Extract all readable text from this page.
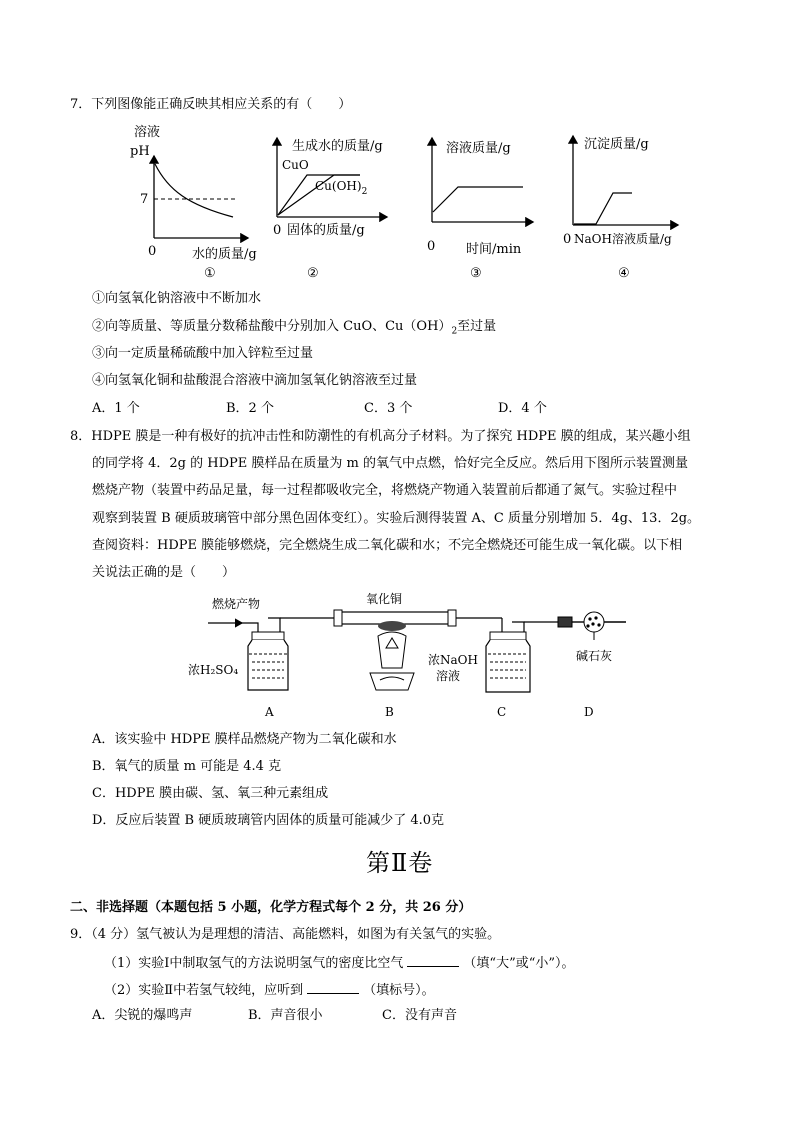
7．下列图像能正确反映其相应关系的有（　　）
溶液
pH
7
0	水的质量/g
①
生成水的质量/g
CuO
$Cu(OH)_2$
0 固体的质量/g
②
溶液质量/g
0 时间/min
③
沉淀质量/g
0 NaOH溶液质量/g
④
①向氢氧化钠溶液中不断加水
②向等质量、等质量分数稀盐酸中分别加入 CuO、$Cu(OH)_2$至过量
③向一定质量稀硫酸中加入锌粒至过量
④向氢氧化铜和盐酸混合溶液中滴加氢氧化钠溶液至过量
A．1 个	B．2 个	C．3 个	D．4 个
8．HDPE 膜是一种有极好的抗冲击性和防潮性的有机高分子材料。为了探究 HDPE 膜的组成，某兴趣小组
的同学将 4．2g 的 HDPE 膜样品在质量为 m 的氧气中点燃，恰好完全反应。然后用下图所示装置测量
燃烧产物（装置中药品足量，每一过程都吸收完全，将燃烧产物通入装置前后都通了氮气。实验过程中
观察到装置 B 硬质玻璃管中部分黑色固体变红）。实验后测得装置 A、C 质量分别增加 5．4g、13．2g。
查阅资料：HDPE 膜能够燃烧，完全燃烧生成二氧化碳和水；不完全燃烧还可能生成一氧化碳。以下相
关说法正确的是（　　）
燃烧产物
浓H₂SO₄
A
氧化铜
B
浓NaOH
溶液
C
碱石灰
D
A．该实验中 HDPE 膜样品燃烧产物为二氧化碳和水
B．氧气的质量 m 可能是 4.4 克
C．HDPE 膜由碳、氢、氧三种元素组成
D．反应后装置 B 硬质玻璃管内固体的质量可能减少了 4.0克
第Ⅱ卷
二、非选择题（本题包括 5 小题，化学方程式每个 2 分，共 26 分）
9．（4 分）氢气被认为是理想的清洁、高能燃料，如图为有关氢气的实验。
（1）实验Ⅰ中制取氢气的方法说明氢气的密度比空气	（填“大”或“小”）。
（2）实验Ⅱ中若氢气较纯，应听到	（填标号）。
A．尖锐的爆鸣声	B．声音很小	C．没有声音
